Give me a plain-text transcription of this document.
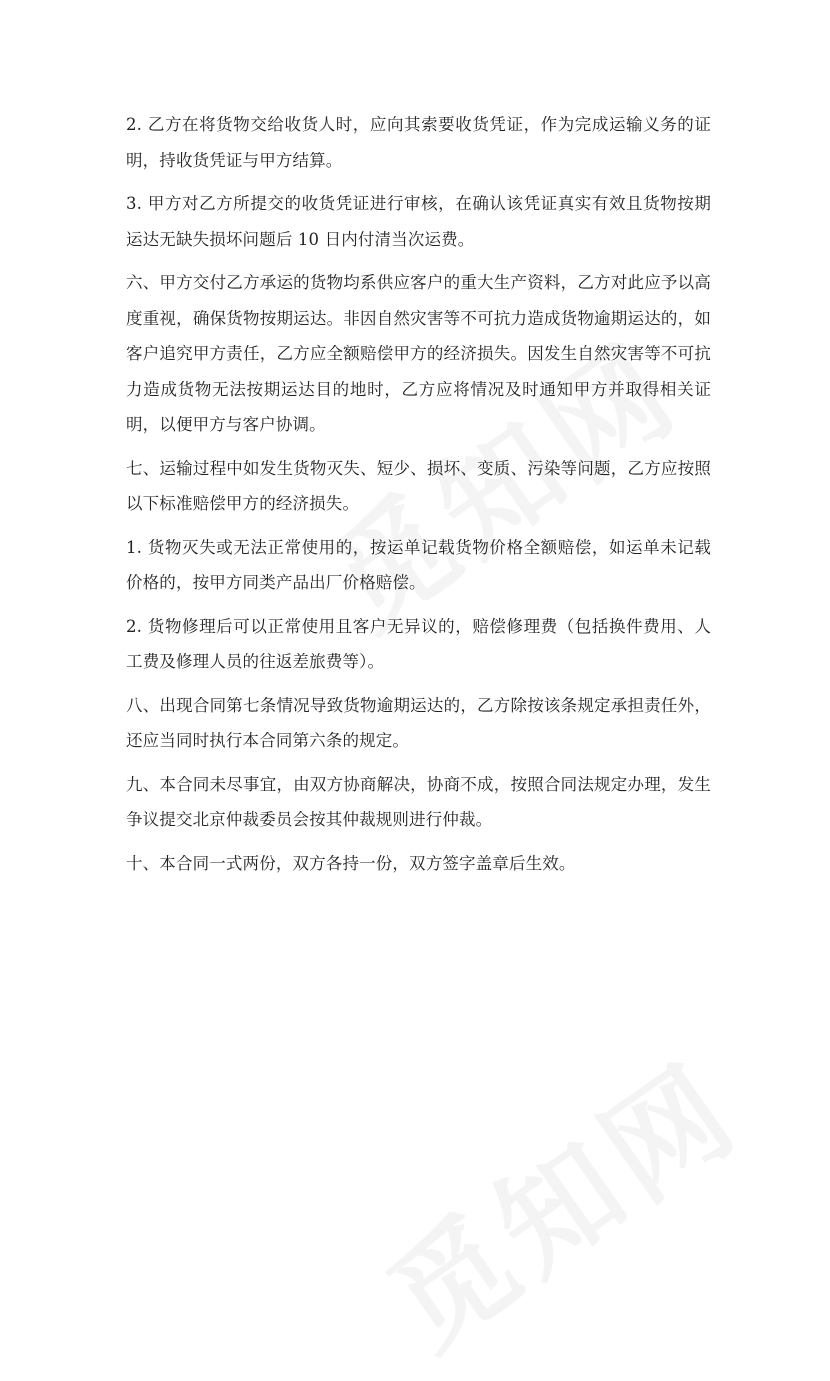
2. 乙方在将货物交给收货人时，应向其索要收货凭证，作为完成运输义务的证明，持收货凭证与甲方结算。

3. 甲方对乙方所提交的收货凭证进行审核，在确认该凭证真实有效且货物按期运达无缺失损坏问题后 10 日内付清当次运费。

六、甲方交付乙方承运的货物均系供应客户的重大生产资料，乙方对此应予以高度重视，确保货物按期运达。非因自然灾害等不可抗力造成货物逾期运达的，如客户追究甲方责任，乙方应全额赔偿甲方的经济损失。因发生自然灾害等不可抗力造成货物无法按期运达目的地时，乙方应将情况及时通知甲方并取得相关证明，以便甲方与客户协调。

七、运输过程中如发生货物灭失、短少、损坏、变质、污染等问题，乙方应按照以下标准赔偿甲方的经济损失。

1. 货物灭失或无法正常使用的，按运单记载货物价格全额赔偿，如运单未记载价格的，按甲方同类产品出厂价格赔偿。

2. 货物修理后可以正常使用且客户无异议的，赔偿修理费（包括换件费用、人工费及修理人员的往返差旅费等）。

八、出现合同第七条情况导致货物逾期运达的，乙方除按该条规定承担责任外，还应当同时执行本合同第六条的规定。

九、本合同未尽事宜，由双方协商解决，协商不成，按照合同法规定办理，发生争议提交北京仲裁委员会按其仲裁规则进行仲裁。

十、本合同一式两份，双方各持一份，双方签字盖章后生效。
